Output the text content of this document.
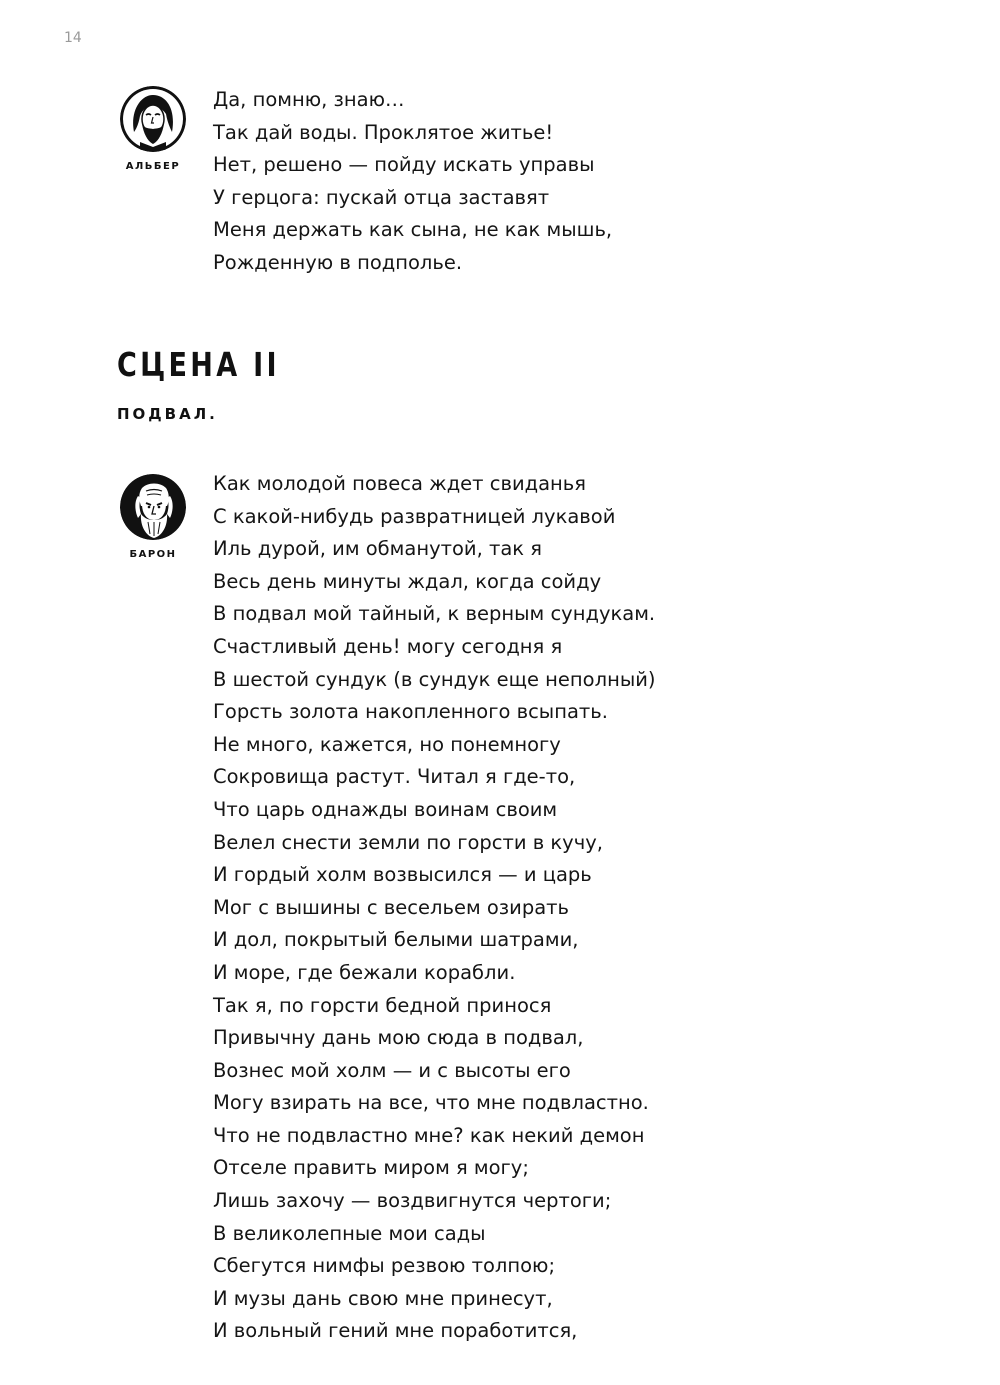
14
АЛЬБЕР
Да, помню, знаю…
Так дай воды. Проклятое житье!
Нет, решено — пойду искать управы
У герцога: пускай отца заставят
Меня держать как сына, не как мышь,
Рожденную в подполье.
СЦЕНА II
ПОДВАЛ.
БАРОН
Как молодой повеса ждет свиданья
С какой-нибудь развратницей лукавой
Иль дурой, им обманутой, так я
Весь день минуты ждал, когда сойду
В подвал мой тайный, к верным сундукам.
Счастливый день! могу сегодня я
В шестой сундук (в сундук еще неполный)
Горсть золота накопленного всыпать.
Не много, кажется, но понемногу
Сокровища растут. Читал я где-то,
Что царь однажды воинам своим
Велел снести земли по горсти в кучу,
И гордый холм возвысился — и царь
Мог с вышины с весельем озирать
И дол, покрытый белыми шатрами,
И море, где бежали корабли.
Так я, по горсти бедной принося
Привычну дань мою сюда в подвал,
Вознес мой холм — и с высоты его
Могу взирать на все, что мне подвластно.
Что не подвластно мне? как некий демон
Отселе править миром я могу;
Лишь захочу — воздвигнутся чертоги;
В великолепные мои сады
Сбегутся нимфы резвою толпою;
И музы дань свою мне принесут,
И вольный гений мне поработится,
